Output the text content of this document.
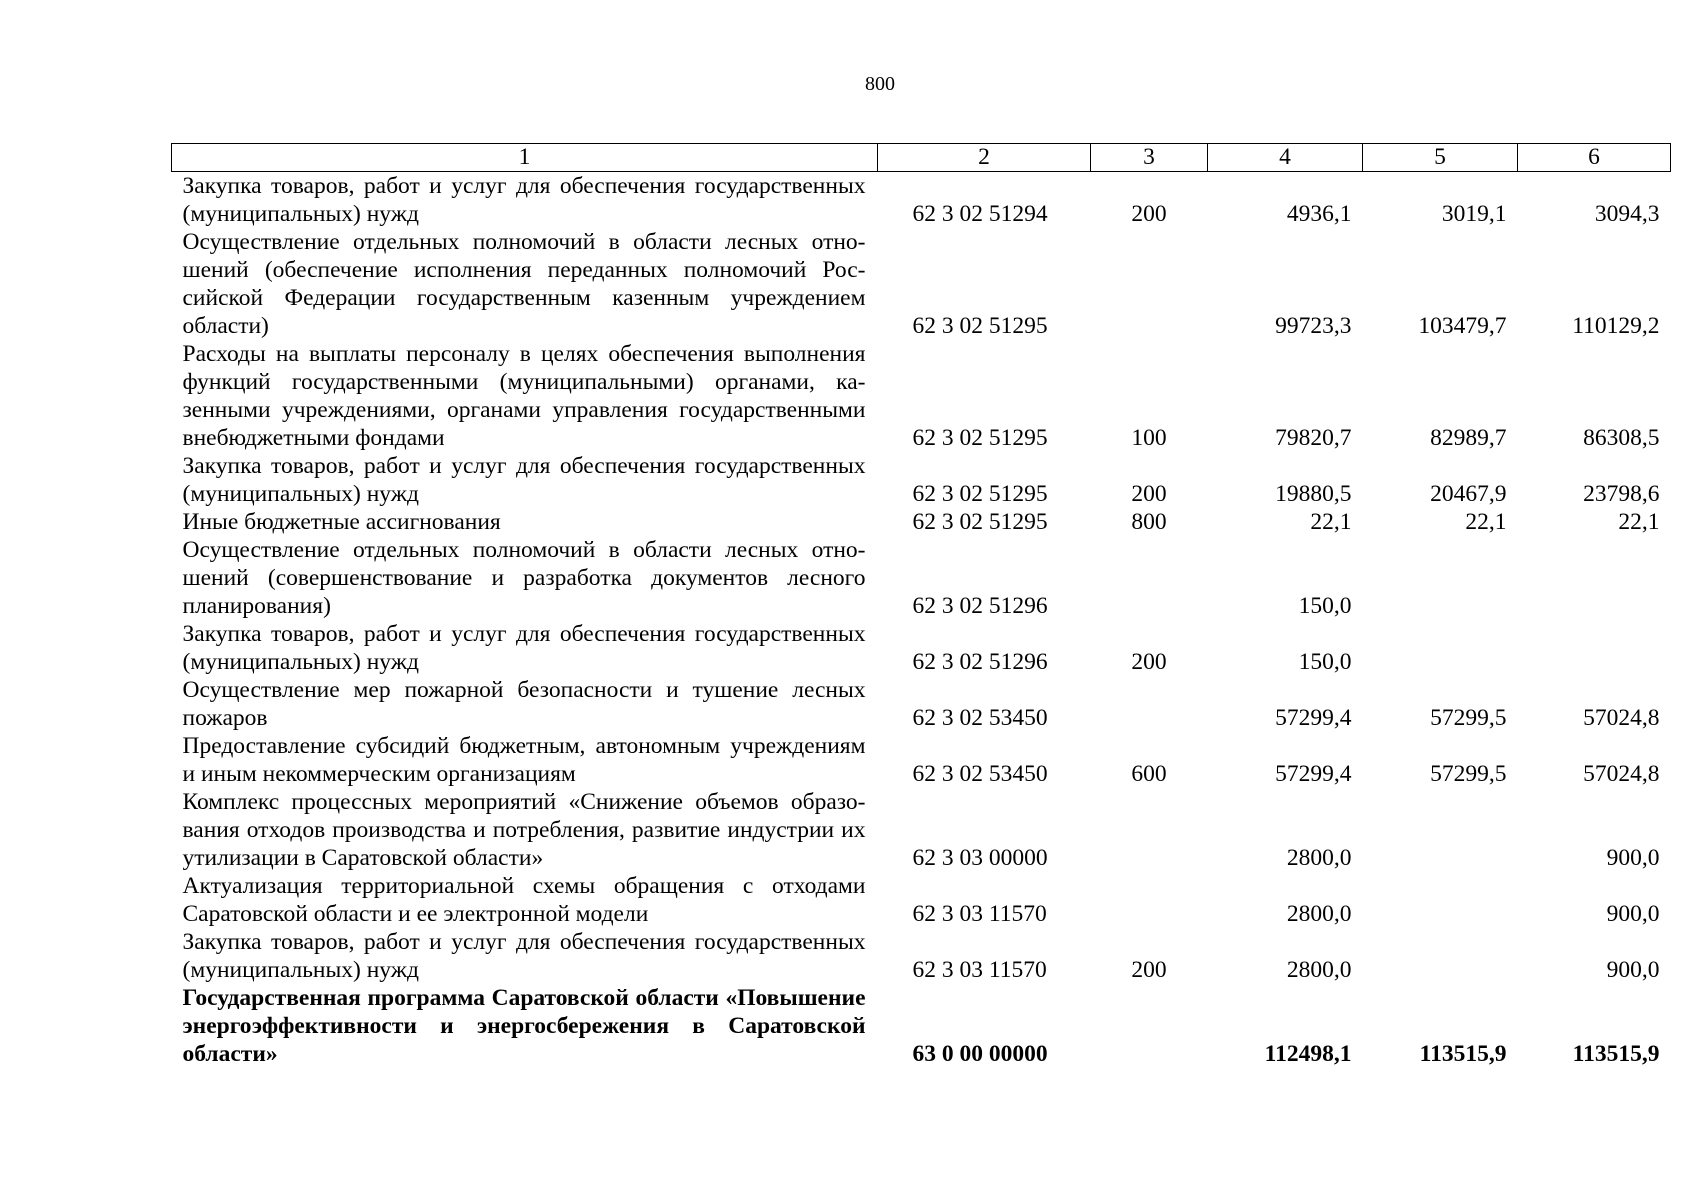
800
1	2	3	4	5	6
Закупка товаров, работ и услуг для обеспечения государственных (муниципальных) нужд	62 3 02 51294	200	4936,1	3019,1	3094,3
Осуществление отдельных полномочий в области лесных отношений (обеспечение исполнения переданных полномочий Российской Федерации государственным казенным учреждением области)	62 3 02 51295		99723,3	103479,7	110129,2
Расходы на выплаты персоналу в целях обеспечения выполнения функций государственными (муниципальными) органами, казенными учреждениями, органами управления государственными внебюджетными фондами	62 3 02 51295	100	79820,7	82989,7	86308,5
Закупка товаров, работ и услуг для обеспечения государственных (муниципальных) нужд	62 3 02 51295	200	19880,5	20467,9	23798,6
Иные бюджетные ассигнования	62 3 02 51295	800	22,1	22,1	22,1
Осуществление отдельных полномочий в области лесных отношений (совершенствование и разработка документов лесного планирования)	62 3 02 51296		150,0		
Закупка товаров, работ и услуг для обеспечения государственных (муниципальных) нужд	62 3 02 51296	200	150,0		
Осуществление мер пожарной безопасности и тушение лесных пожаров	62 3 02 53450		57299,4	57299,5	57024,8
Предоставление субсидий бюджетным, автономным учреждениям и иным некоммерческим организациям	62 3 02 53450	600	57299,4	57299,5	57024,8
Комплекс процессных мероприятий «Снижение объемов образования отходов производства и потребления, развитие индустрии их утилизации в Саратовской области»	62 3 03 00000		2800,0		900,0
Актуализация территориальной схемы обращения с отходами Саратовской области и ее электронной модели	62 3 03 11570		2800,0		900,0
Закупка товаров, работ и услуг для обеспечения государственных (муниципальных) нужд	62 3 03 11570	200	2800,0		900,0
Государственная программа Саратовской области «Повышение энергоэффективности и энергосбережения в Саратовской области»	63 0 00 00000		112498,1	113515,9	113515,9
